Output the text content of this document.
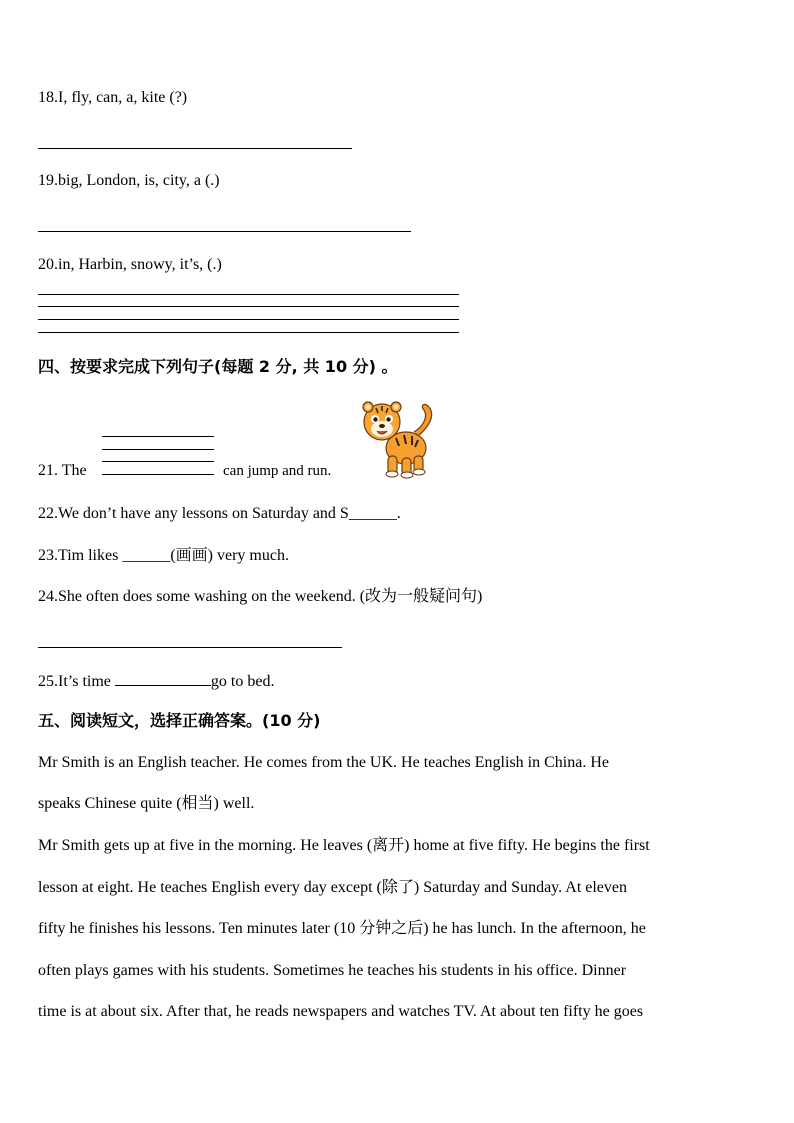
18.I, fly, can, a, kite (?)
19.big, London, is, city, a (.)
20.in, Harbin, snowy, it’s, (.)
四、按要求完成下列句子(每题 2 分, 共 10 分) 。
21. The	can jump and run.
22.We don’t have any lessons on Saturday and S______.
23.Tim likes ______(画画) very much.
24.She often does some washing on the weekend. (改为一般疑问句)
25.It’s time	go to bed.
五、阅读短文，选择正确答案。(10 分)
Mr Smith is an English teacher. He comes from the UK. He teaches English in China. He
speaks Chinese quite (相当) well.
Mr Smith gets up at five in the morning. He leaves (离开) home at five fifty. He begins the first
lesson at eight. He teaches English every day except (除了) Saturday and Sunday. At eleven
fifty he finishes his lessons. Ten minutes later (10 分钟之后) he has lunch. In the afternoon, he
often plays games with his students. Sometimes he teaches his students in his office. Dinner
time is at about six. After that, he reads newspapers and watches TV. At about ten fifty he goes
